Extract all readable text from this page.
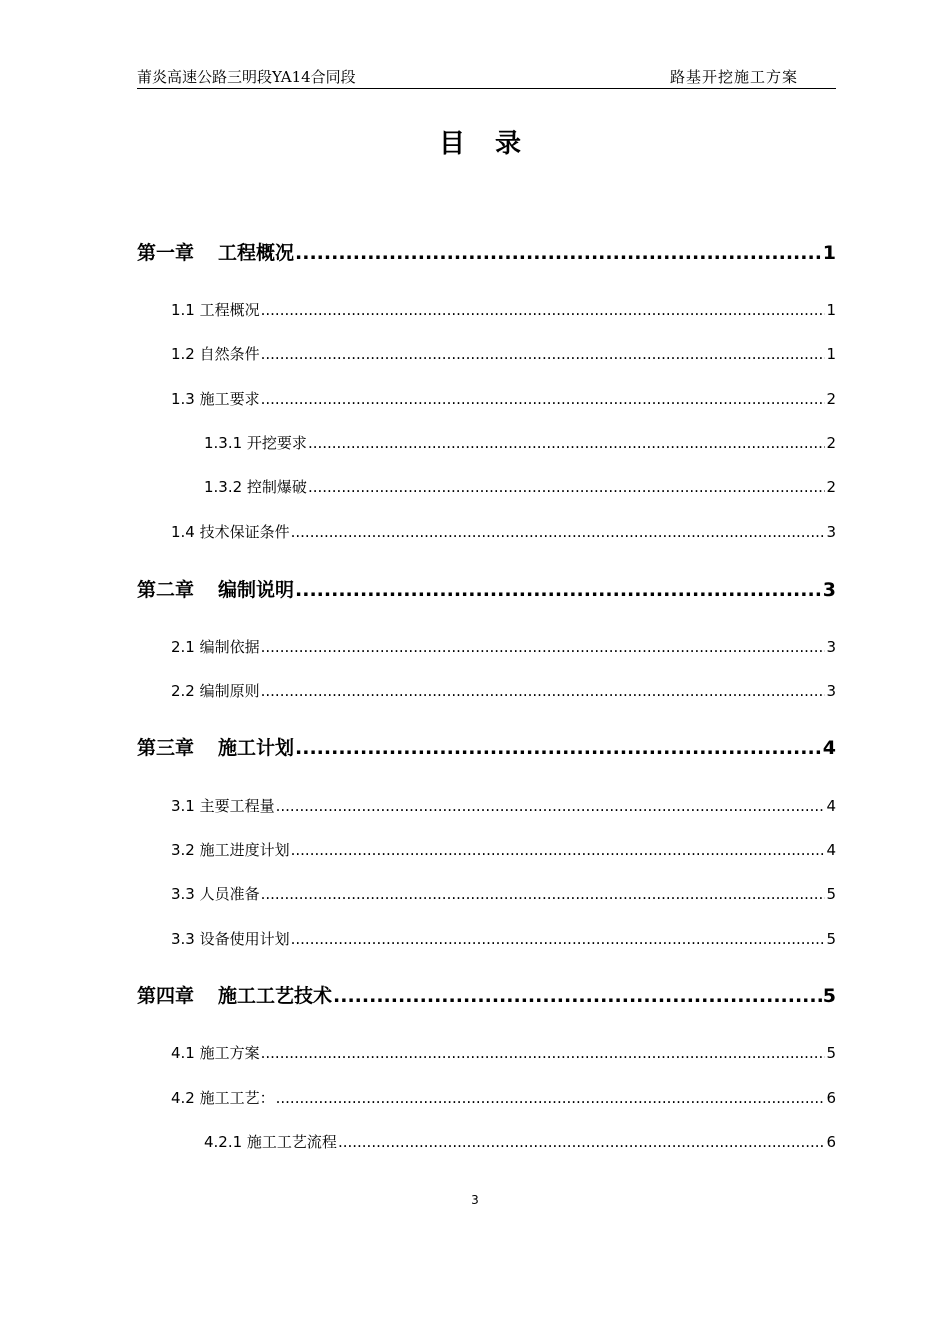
莆炎高速公路三明段YA14合同段	路基开挖施工方案
目 录
第一章 工程概况 .....	1
1.1 工程概况 .....	1
1.2 自然条件 .....	1
1.3 施工要求 .....	2
1.3.1 开挖要求 .....	2
1.3.2 控制爆破 .....	2
1.4 技术保证条件 .....	3
第二章 编制说明 .....	3
2.1 编制依据 .....	3
2.2 编制原则 .....	3
第三章 施工计划 .....	4
3.1 主要工程量 .....	4
3.2 施工进度计划 .....	4
3.3 人员准备 .....	5
3.3 设备使用计划 .....	5
第四章 施工工艺技术 .....	5
4.1 施工方案 .....	5
4.2 施工工艺： .....	6
4.2.1 施工工艺流程 .....	6
3
